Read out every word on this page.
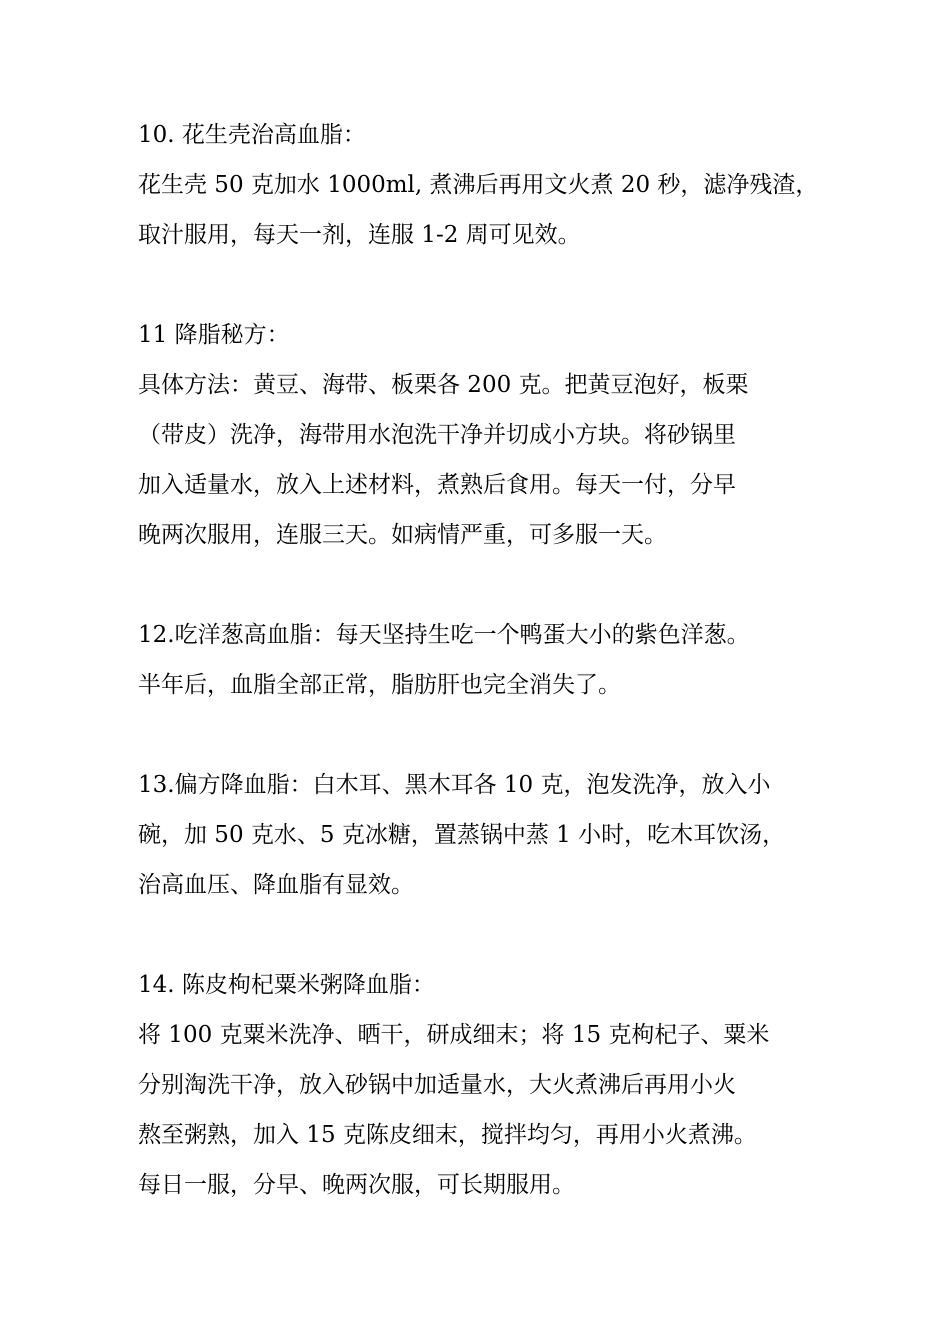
10. 花生壳治高血脂：
花生壳 50 克加水 1000ml, 煮沸后再用文火煮 20 秒，滤净残渣，
取汁服用，每天一剂，连服 1-2 周可见效。
11 降脂秘方：
具体方法：黄豆、海带、板栗各 200 克。把黄豆泡好，板栗
（带皮）洗净，海带用水泡洗干净并切成小方块。将砂锅里
加入适量水，放入上述材料，煮熟后食用。每天一付，分早
晚两次服用，连服三天。如病情严重，可多服一天。
12.吃洋葱高血脂：每天坚持生吃一个鸭蛋大小的紫色洋葱。
半年后，血脂全部正常，脂肪肝也完全消失了。
13.偏方降血脂：白木耳、黑木耳各 10 克，泡发洗净，放入小
碗，加 50 克水、5 克冰糖，置蒸锅中蒸 1 小时，吃木耳饮汤，
治高血压、降血脂有显效。
14. 陈皮枸杞粟米粥降血脂：
将 100 克粟米洗净、晒干，研成细末；将 15 克枸杞子、粟米
分别淘洗干净，放入砂锅中加适量水，大火煮沸后再用小火
熬至粥熟，加入 15 克陈皮细末，搅拌均匀，再用小火煮沸。
每日一服，分早、晚两次服，可长期服用。
